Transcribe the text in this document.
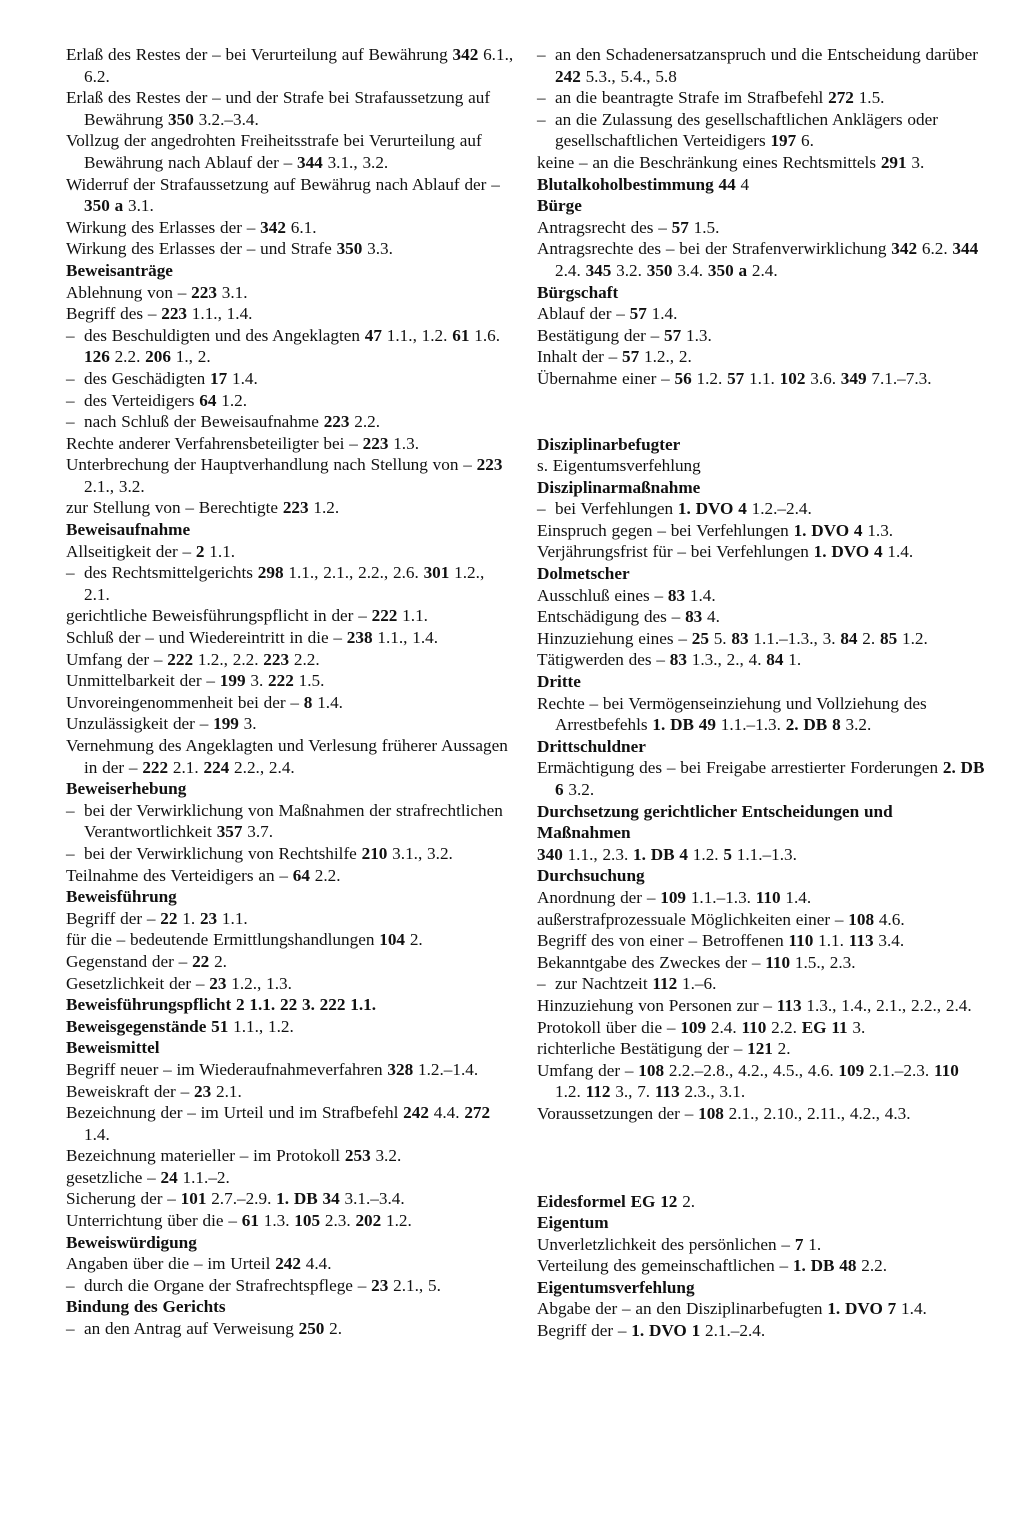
Erlaß des Restes der – bei Verurteilung auf Bewährung 342 6.1., 6.2.
Erlaß des Restes der – und der Strafe bei Strafaussetzung auf Bewährung 350 3.2.–3.4.
Vollzug der angedrohten Freiheitsstrafe bei Verurteilung auf Bewährung nach Ablauf der – 344 3.1., 3.2.
Widerruf der Strafaussetzung auf Bewährug nach Ablauf der – 350 a 3.1.
Wirkung des Erlasses der – 342 6.1.
Wirkung des Erlasses der – und Strafe 350 3.3.
Beweisanträge
Ablehnung von – 223 3.1.
Begriff des – 223 1.1., 1.4.
– des Beschuldigten und des Angeklagten 47 1.1., 1.2. 61 1.6. 126 2.2. 206 1., 2.
– des Geschädigten 17 1.4.
– des Verteidigers 64 1.2.
– nach Schluß der Beweisaufnahme 223 2.2.
Rechte anderer Verfahrensbeteiligter bei – 223 1.3.
Unterbrechung der Hauptverhandlung nach Stellung von – 223 2.1., 3.2.
zur Stellung von – Berechtigte 223 1.2.
Beweisaufnahme
Allseitigkeit der – 2 1.1.
– des Rechtsmittelgerichts 298 1.1., 2.1., 2.2., 2.6. 301 1.2., 2.1.
gerichtliche Beweisführungspflicht in der – 222 1.1.
Schluß der – und Wiedereintritt in die – 238 1.1., 1.4.
Umfang der – 222 1.2., 2.2. 223 2.2.
Unmittelbarkeit der – 199 3. 222 1.5.
Unvoreingenommenheit bei der – 8 1.4.
Unzulässigkeit der – 199 3.
Vernehmung des Angeklagten und Verlesung früherer Aussagen in der – 222 2.1. 224 2.2., 2.4.
Beweiserhebung
– bei der Verwirklichung von Maßnahmen der strafrechtlichen Verantwortlichkeit 357 3.7.
– bei der Verwirklichung von Rechtshilfe 210 3.1., 3.2.
Teilnahme des Verteidigers an – 64 2.2.
Beweisführung
Begriff der – 22 1. 23 1.1.
für die – bedeutende Ermittlungshandlungen 104 2.
Gegenstand der – 22 2.
Gesetzlichkeit der – 23 1.2., 1.3.
Beweisführungspflicht 2 1.1. 22 3. 222 1.1.
Beweisgegenstände 51 1.1., 1.2.
Beweismittel
Begriff neuer – im Wiederaufnahmeverfahren 328 1.2.–1.4.
Beweiskraft der – 23 2.1.
Bezeichnung der – im Urteil und im Strafbefehl 242 4.4. 272 1.4.
Bezeichnung materieller – im Protokoll 253 3.2.
gesetzliche – 24 1.1.–2.
Sicherung der – 101 2.7.–2.9. 1. DB 34 3.1.–3.4.
Unterrichtung über die – 61 1.3. 105 2.3. 202 1.2.
Beweiswürdigung
Angaben über die – im Urteil 242 4.4.
– durch die Organe der Strafrechtspflege – 23 2.1., 5.
Bindung des Gerichts
– an den Antrag auf Verweisung 250 2.
– an den Schadenersatzanspruch und die Entscheidung darüber 242 5.3., 5.4., 5.8
– an die beantragte Strafe im Strafbefehl 272 1.5.
– an die Zulassung des gesellschaftlichen Anklägers oder gesellschaftlichen Verteidigers 197 6.
keine – an die Beschränkung eines Rechtsmittels 291 3.
Blutalkoholbestimmung 44 4
Bürge
Antragsrecht des – 57 1.5.
Antragsrechte des – bei der Strafenverwirklichung 342 6.2. 344 2.4. 345 3.2. 350 3.4. 350 a 2.4.
Bürgschaft
Ablauf der – 57 1.4.
Bestätigung der – 57 1.3.
Inhalt der – 57 1.2., 2.
Übernahme einer – 56 1.2. 57 1.1. 102 3.6. 349 7.1.–7.3.
Disziplinarbefugter
s. Eigentumsverfehlung
Disziplinarmaßnahme
– bei Verfehlungen 1. DVO 4 1.2.–2.4.
Einspruch gegen – bei Verfehlungen 1. DVO 4 1.3.
Verjährungsfrist für – bei Verfehlungen 1. DVO 4 1.4.
Dolmetscher
Ausschluß eines – 83 1.4.
Entschädigung des – 83 4.
Hinzuziehung eines – 25 5. 83 1.1.–1.3., 3. 84 2. 85 1.2.
Tätigwerden des – 83 1.3., 2., 4. 84 1.
Dritte
Rechte – bei Vermögenseinziehung und Vollziehung des Arrestbefehls 1. DB 49 1.1.–1.3. 2. DB 8 3.2.
Drittschuldner
Ermächtigung des – bei Freigabe arrestierter Forderungen 2. DB 6 3.2.
Durchsetzung gerichtlicher Entscheidungen und Maßnahmen
340 1.1., 2.3. 1. DB 4 1.2. 5 1.1.–1.3.
Durchsuchung
Anordnung der – 109 1.1.–1.3. 110 1.4.
außerstrafprozessuale Möglichkeiten einer – 108 4.6.
Begriff des von einer – Betroffenen 110 1.1. 113 3.4.
Bekanntgabe des Zweckes der – 110 1.5., 2.3.
– zur Nachtzeit 112 1.–6.
Hinzuziehung von Personen zur – 113 1.3., 1.4., 2.1., 2.2., 2.4.
Protokoll über die – 109 2.4. 110 2.2. EG 11 3.
richterliche Bestätigung der – 121 2.
Umfang der – 108 2.2.–2.8., 4.2., 4.5., 4.6. 109 2.1.–2.3. 110 1.2. 112 3., 7. 113 2.3., 3.1.
Voraussetzungen der – 108 2.1., 2.10., 2.11., 4.2., 4.3.
Eidesformel EG 12 2.
Eigentum
Unverletzlichkeit des persönlichen – 7 1.
Verteilung des gemeinschaftlichen – 1. DB 48 2.2.
Eigentumsverfehlung
Abgabe der – an den Disziplinarbefugten 1. DVO 7 1.4.
Begriff der – 1. DVO 1 2.1.–2.4.
